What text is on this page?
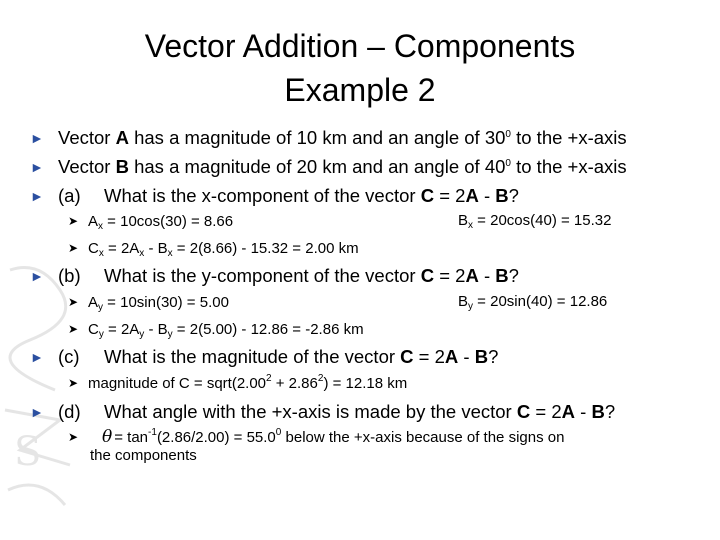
S
Vector Addition – Components
Example 2
► Vector A has a magnitude of 10 km and an angle of $30^0$ to the +x-axis
► Vector B has a magnitude of 20 km and an angle of $40^0$ to the +x-axis
► (a) What is the x-component of the vector C = 2A - B?
➤ $A_x = 10\cos(30) = 8.66$	$B_x = 20\cos(40) = 15.32$
➤ $C_x = 2A_x - B_x = 2(8.66) - 15.32 = 2.00$ km
► (b) What is the y-component of the vector C = 2A - B?
➤ $A_y = 10\sin(30) = 5.00$	$B_y = 20\sin(40) = 12.86$
➤ $C_y = 2A_y - B_y = 2(5.00) - 12.86 = -2.86$ km
► (c) What is the magnitude of the vector C = 2A - B?
➤ magnitude of $C = sqrt(2.00^2 + 2.86^2) = 12.18$ km
► (d) What angle with the +x-axis is made by the vector C = 2A - B?
➤ $\theta = \tan^{-1}(2.86/2.00) = 55.0^0$ below the +x-axis because of the signs on
the components
